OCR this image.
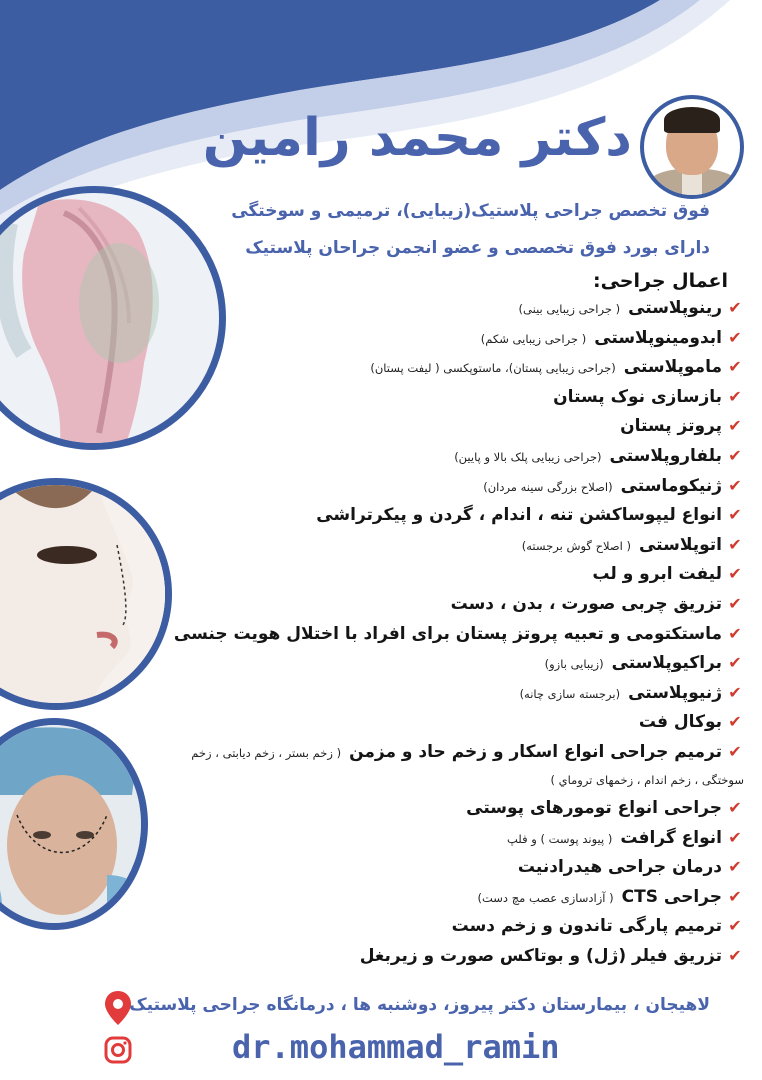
دکتر محمد رامین
فوق تخصص جراحی پلاستیک(زیبایی)، ترمیمی و سوختگی
دارای بورد فوق تخصصی و عضو انجمن جراحان پلاستیک
اعمال جراحی:
✔
رینوپلاستی
( جراحی زیبایی بینی)
✔
ابدومینوپلاستی
( جراحی زیبایی شکم)
✔
ماموپلاستی
(جراحی زیبایی پستان)، ماستوپکسی ( لیفت پستان)
✔
بازسازی نوک پستان
✔
پروتز پستان
✔
بلفاروپلاستی
(جراحی زیبایی پلک بالا و پایین)
✔
ژنیکوماستی
(اصلاح بزرگی سینه مردان)
✔
انواع لیپوساکشن تنه ، اندام ، گردن و پیکرتراشی
✔
اتوپلاستی
( اصلاح گوش برجسته)
✔
لیفت ابرو و لب
✔
تزریق چربی صورت ، بدن ، دست
✔
ماستکتومی و تعبیه پروتز پستان برای افراد با اختلال هویت جنسی
✔
براکیوپلاستی
(زیبایی بازو)
✔
ژنیوپلاستی
(برجسته سازی چانه)
✔
بوکال فت
✔
ترمیم جراحی انواع اسکار و زخم حاد و مزمن
( زخم بستر ، زخم دیابتی ، زخم
سوختگی ، زخم اندام ، زخمهای تروماي )
✔
جراحی انواع تومورهای پوستی
✔
انواع گرافت
( پیوند پوست ) و فلپ
✔
درمان جراحی هیدرادنیت
✔
جراحی CTS
( آزادسازی عصب مچ دست)
✔
ترمیم پارگی تاندون و زخم دست
✔
تزریق فیلر (ژل) و بوتاکس صورت و زیربغل
لاهیجان ، بیمارستان دکتر پیروز، دوشنبه ها ، درمانگاه جراحی پلاستیک
dr.mohammad_ramin
